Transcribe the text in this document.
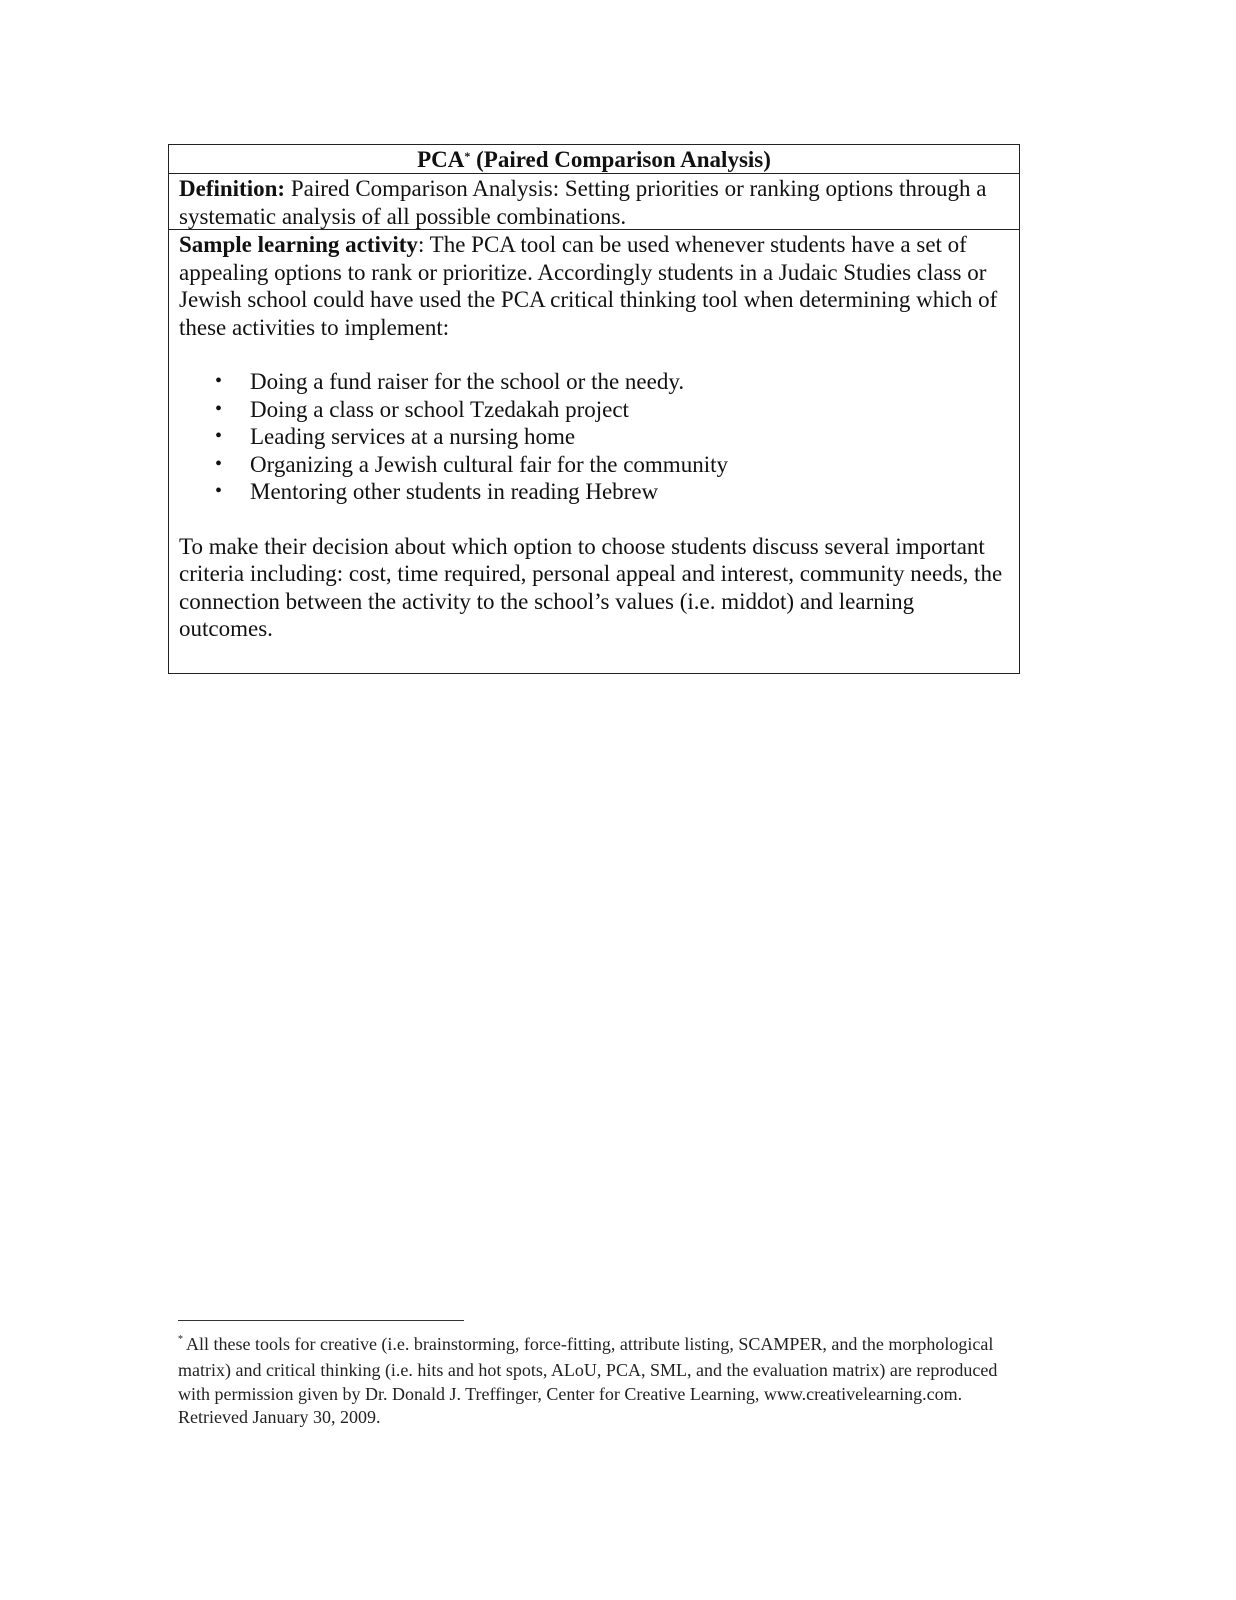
PCA* (Paired Comparison Analysis)
Definition: Paired Comparison Analysis: Setting priorities or ranking options through a systematic analysis of all possible combinations.

Sample learning activity: The PCA tool can be used whenever students have a set of appealing options to rank or prioritize. Accordingly students in a Judaic Studies class or Jewish school could have used the PCA critical thinking tool when determining which of these activities to implement:

• Doing a fund raiser for the school or the needy.
• Doing a class or school Tzedakah project
• Leading services at a nursing home
• Organizing a Jewish cultural fair for the community
• Mentoring other students in reading Hebrew

To make their decision about which option to choose students discuss several important criteria including: cost, time required, personal appeal and interest, community needs, the connection between the activity to the school’s values (i.e. middot) and learning outcomes.

* All these tools for creative (i.e. brainstorming, force-fitting, attribute listing, SCAMPER, and the morphological matrix) and critical thinking (i.e. hits and hot spots, ALoU, PCA, SML, and the evaluation matrix) are reproduced with permission given by Dr. Donald J. Treffinger, Center for Creative Learning, www.creativelearning.com. Retrieved January 30, 2009.
